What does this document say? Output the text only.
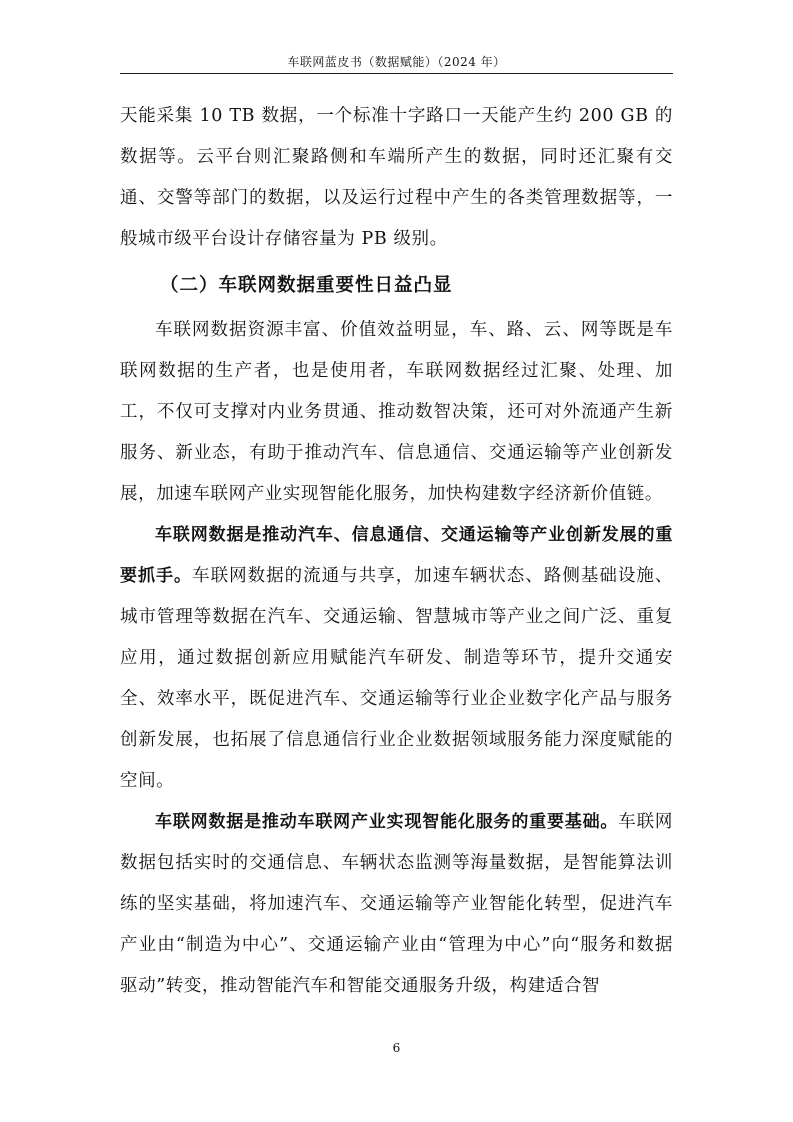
车联网蓝皮书（数据赋能）（2024 年）

天能采集 10 TB 数据，一个标准十字路口一天能产生约 200 GB 的数据等。云平台则汇聚路侧和车端所产生的数据，同时还汇聚有交通、交警等部门的数据，以及运行过程中产生的各类管理数据等，一般城市级平台设计存储容量为 PB 级别。

（二）车联网数据重要性日益凸显

车联网数据资源丰富、价值效益明显，车、路、云、网等既是车联网数据的生产者，也是使用者，车联网数据经过汇聚、处理、加工，不仅可支撑对内业务贯通、推动数智决策，还可对外流通产生新服务、新业态，有助于推动汽车、信息通信、交通运输等产业创新发展，加速车联网产业实现智能化服务，加快构建数字经济新价值链。

车联网数据是推动汽车、信息通信、交通运输等产业创新发展的重要抓手。车联网数据的流通与共享，加速车辆状态、路侧基础设施、城市管理等数据在汽车、交通运输、智慧城市等产业之间广泛、重复应用，通过数据创新应用赋能汽车研发、制造等环节，提升交通安全、效率水平，既促进汽车、交通运输等行业企业数字化产品与服务创新发展，也拓展了信息通信行业企业数据领域服务能力深度赋能的空间。

车联网数据是推动车联网产业实现智能化服务的重要基础。车联网数据包括实时的交通信息、车辆状态监测等海量数据，是智能算法训练的坚实基础，将加速汽车、交通运输等产业智能化转型，促进汽车产业由“制造为中心”、交通运输产业由“管理为中心”向“服务和数据驱动”转变，推动智能汽车和智能交通服务升级，构建适合智

6
